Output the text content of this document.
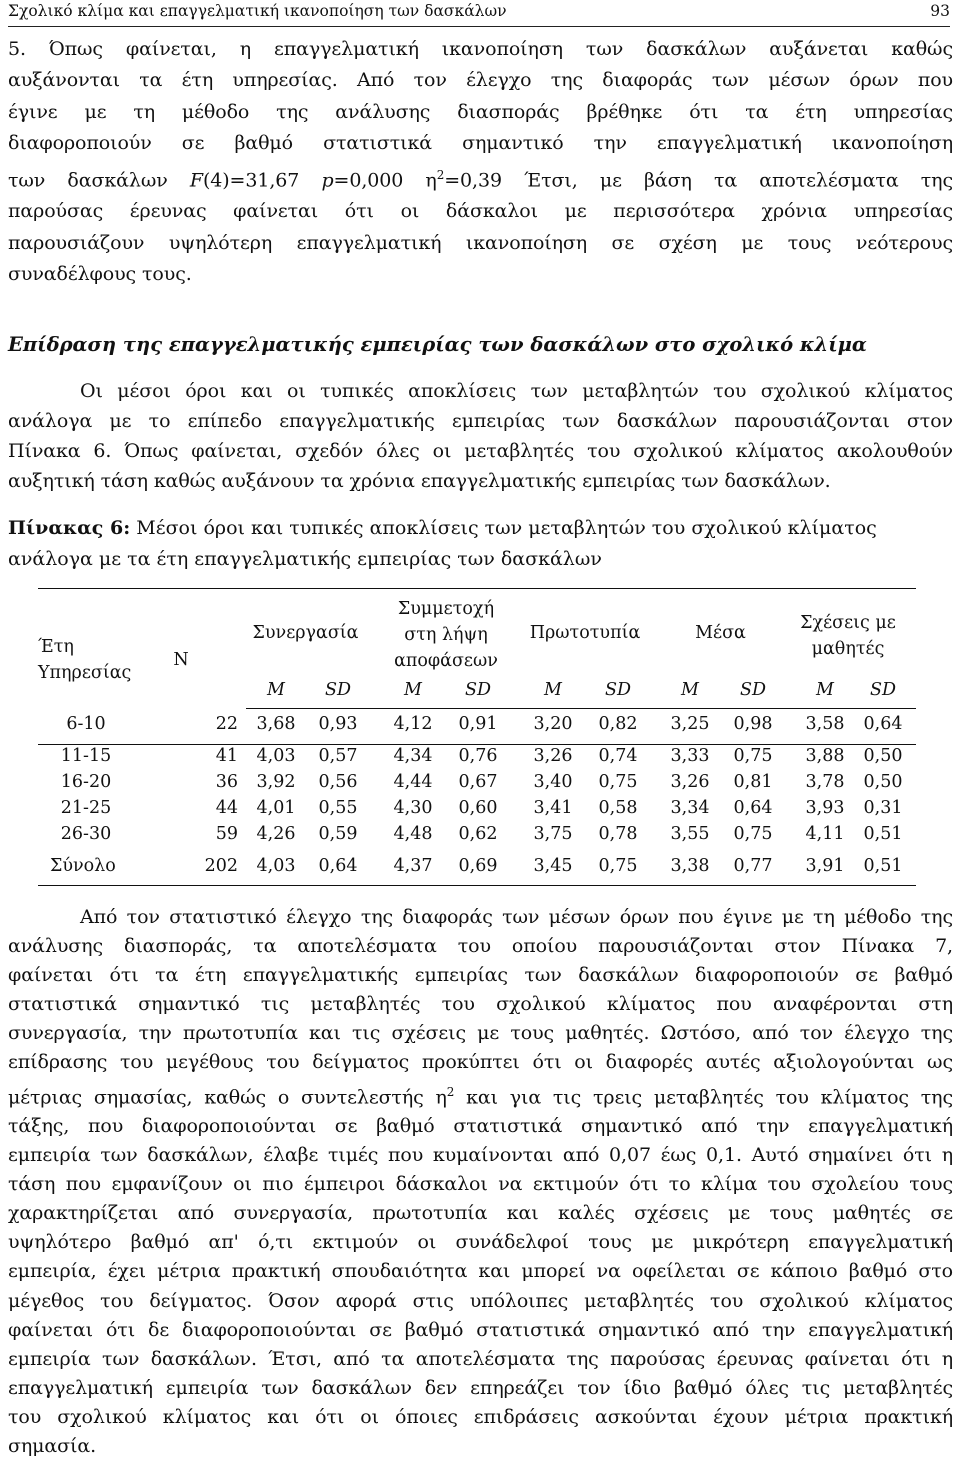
Σχολικό κλίμα και επαγγελματική ικανοποίηση των δασκάλων	93
5. Όπως φαίνεται, η επαγγελματική ικανοποίηση των δασκάλων αυξάνεται καθώς
αυξάνονται τα έτη υπηρεσίας. Από τον έλεγχο της διαφοράς των μέσων όρων που
έγινε με τη μέθοδο της ανάλυσης διασποράς βρέθηκε ότι τα έτη υπηρεσίας
διαφοροποιούν σε βαθμό στατιστικά σημαντικό την επαγγελματική ικανοποίηση
των δασκάλων F(4)=31,67 p=0,000 $\eta^2=0,39$ Έτσι, με βάση τα αποτελέσματα της
παρούσας έρευνας φαίνεται ότι οι δάσκαλοι με περισσότερα χρόνια υπηρεσίας
παρουσιάζουν υψηλότερη επαγγελματική ικανοποίηση σε σχέση με τους νεότερους
συναδέλφους τους.
Επίδραση της επαγγελματικής εμπειρίας των δασκάλων στο σχολικό κλίμα
Οι μέσοι όροι και οι τυπικές αποκλίσεις των μεταβλητών του σχολικού κλίματος
ανάλογα με το επίπεδο επαγγελματικής εμπειρίας των δασκάλων παρουσιάζονται στον
Πίνακα 6. Όπως φαίνεται, σχεδόν όλες οι μεταβλητές του σχολικού κλίματος ακολουθούν
αυξητική τάση καθώς αυξάνουν τα χρόνια επαγγελματικής εμπειρίας των δασκάλων.
Πίνακας 6: Μέσοι όροι και τυπικές αποκλίσεις των μεταβλητών του σχολικού κλίματος
ανάλογα με τα έτη επαγγελματικής εμπειρίας των δασκάλων
Έτη
Υπηρεσίας
Ν
Συνεργασία
Συμμετοχή
στη λήψη
αποφάσεων
Πρωτοτυπία	Μέσα	Σχέσεις με
μαθητές
M	SD	M	SD	M	SD	M	SD	M	SD
6-10	22	3,68	0,93	4,12	0,91	3,20	0,82	3,25	0,98	3,58	0,64
11-15	41	4,03	0,57	4,34	0,76	3,26	0,74	3,33	0,75	3,88	0,50
16-20	36	3,92	0,56	4,44	0,67	3,40	0,75	3,26	0,81	3,78	0,50
21-25	44	4,01	0,55	4,30	0,60	3,41	0,58	3,34	0,64	3,93	0,31
26-30	59	4,26	0,59	4,48	0,62	3,75	0,78	3,55	0,75	4,11	0,51
Σύνολο	202	4,03	0,64	4,37	0,69	3,45	0,75	3,38	0,77	3,91	0,51
Από τον στατιστικό έλεγχο της διαφοράς των μέσων όρων που έγινε με τη μέθοδο της
ανάλυσης διασποράς, τα αποτελέσματα του οποίου παρουσιάζονται στον Πίνακα 7,
φαίνεται ότι τα έτη επαγγελματικής εμπειρίας των δασκάλων διαφοροποιούν σε βαθμό
στατιστικά σημαντικό τις μεταβλητές του σχολικού κλίματος που αναφέρονται στη
συνεργασία, την πρωτοτυπία και τις σχέσεις με τους μαθητές. Ωστόσο, από τον έλεγχο της
επίδρασης του μεγέθους του δείγματος προκύπτει ότι οι διαφορές αυτές αξιολογούνται ως
μέτριας σημασίας, καθώς ο συντελεστής $\eta^2$ και για τις τρεις μεταβλητές του κλίματος της
τάξης, που διαφοροποιούνται σε βαθμό στατιστικά σημαντικό από την επαγγελματική
εμπειρία των δασκάλων, έλαβε τιμές που κυμαίνονται από 0,07 έως 0,1. Αυτό σημαίνει ότι η
τάση που εμφανίζουν οι πιο έμπειροι δάσκαλοι να εκτιμούν ότι το κλίμα του σχολείου τους
χαρακτηρίζεται από συνεργασία, πρωτοτυπία και καλές σχέσεις με τους μαθητές σε
υψηλότερο βαθμό απ' ό,τι εκτιμούν οι συνάδελφοί τους με μικρότερη επαγγελματική
εμπειρία, έχει μέτρια πρακτική σπουδαιότητα και μπορεί να οφείλεται σε κάποιο βαθμό στο
μέγεθος του δείγματος. Όσον αφορά στις υπόλοιπες μεταβλητές του σχολικού κλίματος
φαίνεται ότι δε διαφοροποιούνται σε βαθμό στατιστικά σημαντικό από την επαγγελματική
εμπειρία των δασκάλων. Έτσι, από τα αποτελέσματα της παρούσας έρευνας φαίνεται ότι η
επαγγελματική εμπειρία των δασκάλων δεν επηρεάζει τον ίδιο βαθμό όλες τις μεταβλητές
του σχολικού κλίματος και ότι οι όποιες επιδράσεις ασκούνται έχουν μέτρια πρακτική
σημασία.
